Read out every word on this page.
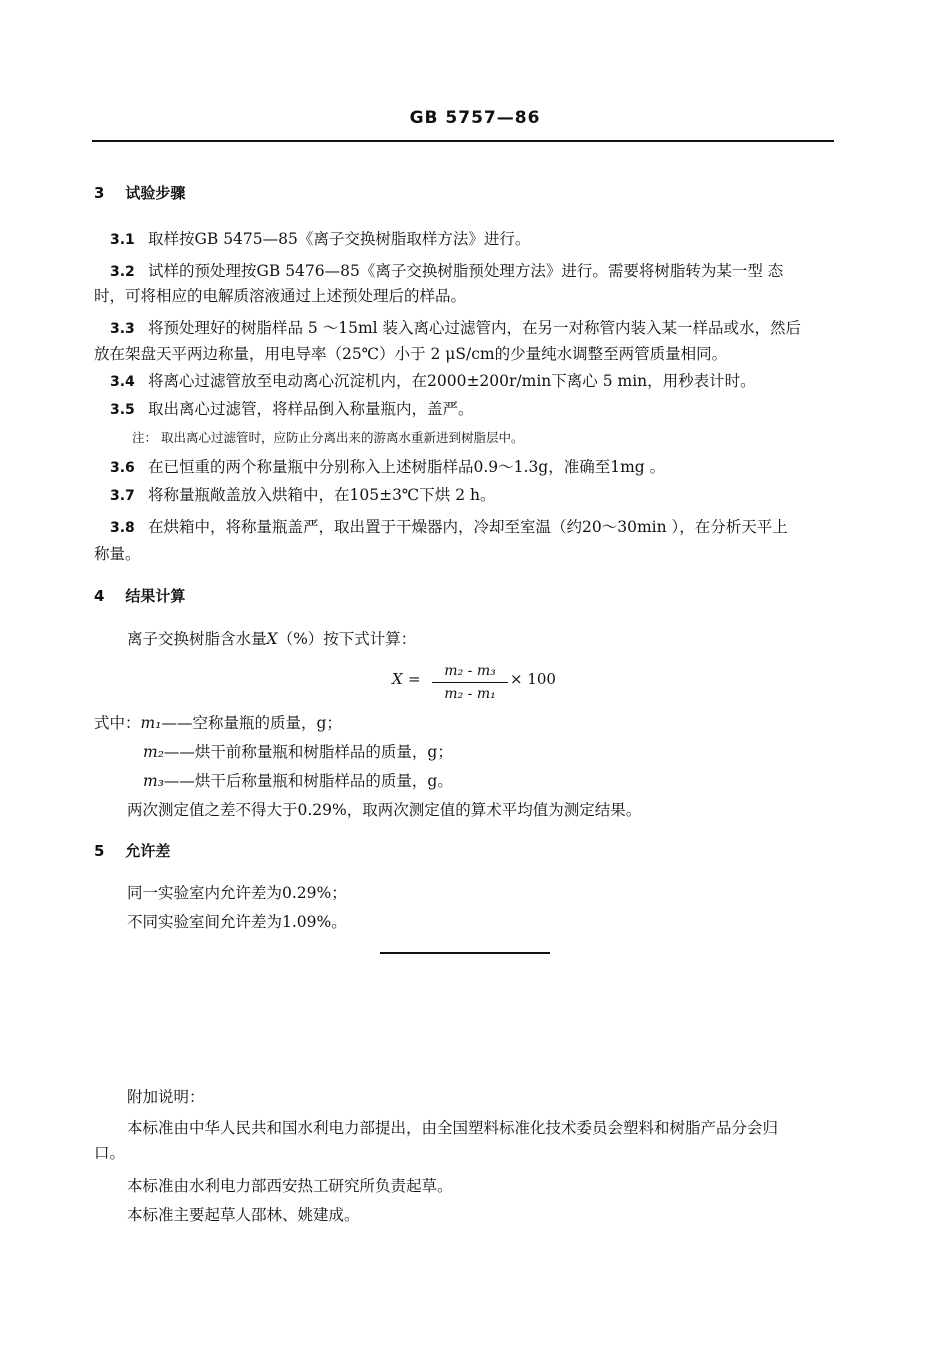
GB 5757—86
3 试验步骤
3.1 取样按GB 5475—85《离子交换树脂取样方法》进行。
3.2 试样的预处理按GB 5476—85《离子交换树脂预处理方法》进行。需要将树脂转为某一型 态
时，可将相应的电解质溶液通过上述预处理后的样品。
3.3 将预处理好的树脂样品 5 ～15ml 装入离心过滤管内，在另一对称管内装入某一样品或水，然后
放在架盘天平两边称量，用电导率（25℃）小于 2 μS/cm的少量纯水调整至两管质量相同。
3.4 将离心过滤管放至电动离心沉淀机内，在2000±200r/min下离心 5 min，用秒表计时。
3.5 取出离心过滤管，将样品倒入称量瓶内，盖严。
注： 取出离心过滤管时，应防止分离出来的游离水重新进到树脂层中。
3.6 在已恒重的两个称量瓶中分别称入上述树脂样品0.9～1.3g，准确至1mg 。
3.7 将称量瓶敞盖放入烘箱中，在105±3℃下烘 2 h。
3.8 在烘箱中，将称量瓶盖严，取出置于干燥器内，冷却至室温（约20～30min ），在分析天平上
称量。
4 结果计算
离子交换树脂含水量X（%）按下式计算：
X =	m₂ - m₃
m₂ - m₁
× 100
式中：m₁——空称量瓶的质量，g；
m₂——烘干前称量瓶和树脂样品的质量，g；
m₃——烘干后称量瓶和树脂样品的质量，g。
两次测定值之差不得大于0.29%，取两次测定值的算术平均值为测定结果。
5 允许差
同一实验室内允许差为0.29%；
不同实验室间允许差为1.09%。
附加说明：
本标准由中华人民共和国水利电力部提出，由全国塑料标准化技术委员会塑料和树脂产品分会归
口。
本标准由水利电力部西安热工研究所负责起草。
本标准主要起草人邵林、姚建成。
